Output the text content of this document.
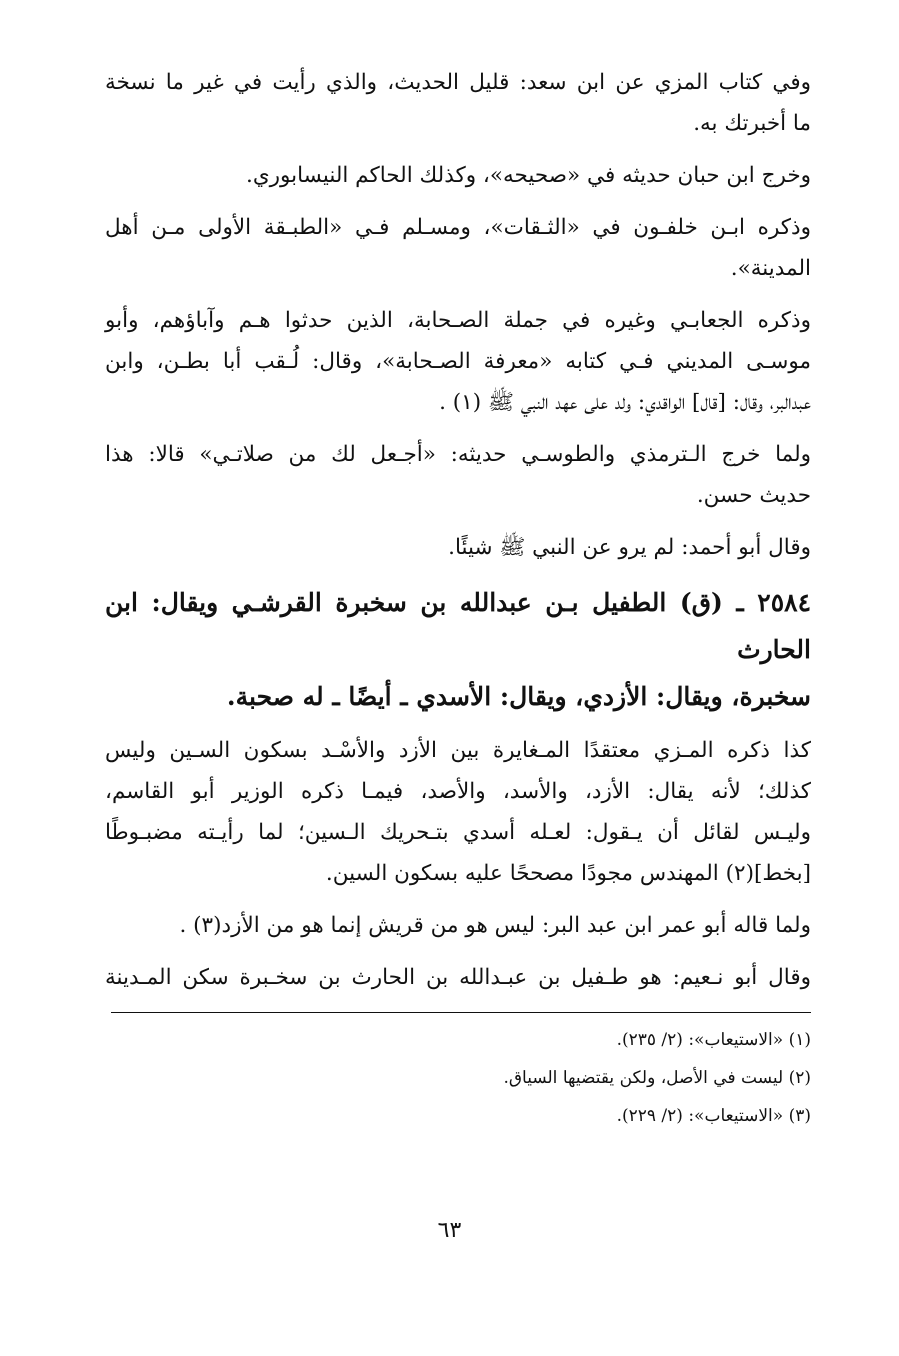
وفي كتاب المزي عن ابن سعد: قليل الحديث، والذي رأيت في غير ما نسخة
ما أخبرتك به.

وخرج ابن حبان حديثه في «صحيحه»، وكذلك الحاكم النيسابوري.

وذكره ابـن خلفـون في «الثـقات»، ومسـلم فـي «الطبـقة الأولى مـن أهل
المدينة».

وذكره الجعابـي وغيره في جملة الصـحابة، الذين حدثوا هـم وآباؤهم، وأبو
موسـى المديني فـي كتابه «معرفة الصـحابة»، وقال: لُـقب أبا بطـن، وابن
عبدالبر، وقال: [قال] الواقدي: ولد على عهد النبي ﷺ (١) .

ولما خرج الـترمذي والطوسـي حديثه: «أجـعل لك من صلاتـي» قالا: هذا
حديث حسن.

وقال أبو أحمد: لم يرو عن النبي ﷺ شيئًا.

٢٥٨٤ ـ (ق) الطفيل بـن عبدالله بن سخبرة القرشـي ويقال: ابن الحارث
سخبرة، ويقال: الأزدي، ويقال: الأسدي ـ أيضًا ـ له صحبة.

كذا ذكره المـزي معتقدًا المـغايرة بين الأزد والأسْـد بسكون السـين وليس
كذلك؛ لأنه يقال: الأزد، والأسد، والأصد، فيمـا ذكره الوزير أبو القاسم،
وليـس لقائل أن يـقول: لعـله أسدي بتـحريك الـسين؛ لما رأيـته مضبـوطًا
[بخط](٢) المهندس مجودًا مصححًا عليه بسكون السين.

ولما قاله أبو عمر ابن عبد البر: ليس هو من قريش إنما هو من الأزد(٣) .

وقال أبو نـعيم: هو طـفيل بن عبـدالله بن الحارث بن سخـبرة سكن المـدينة

(١) «الاستيعاب»: (٢/ ٢٣٥).

(٢) ليست في الأصل، ولكن يقتضيها السياق.

(٣) «الاستيعاب»: (٢/ ٢٢٩).

٦٣
